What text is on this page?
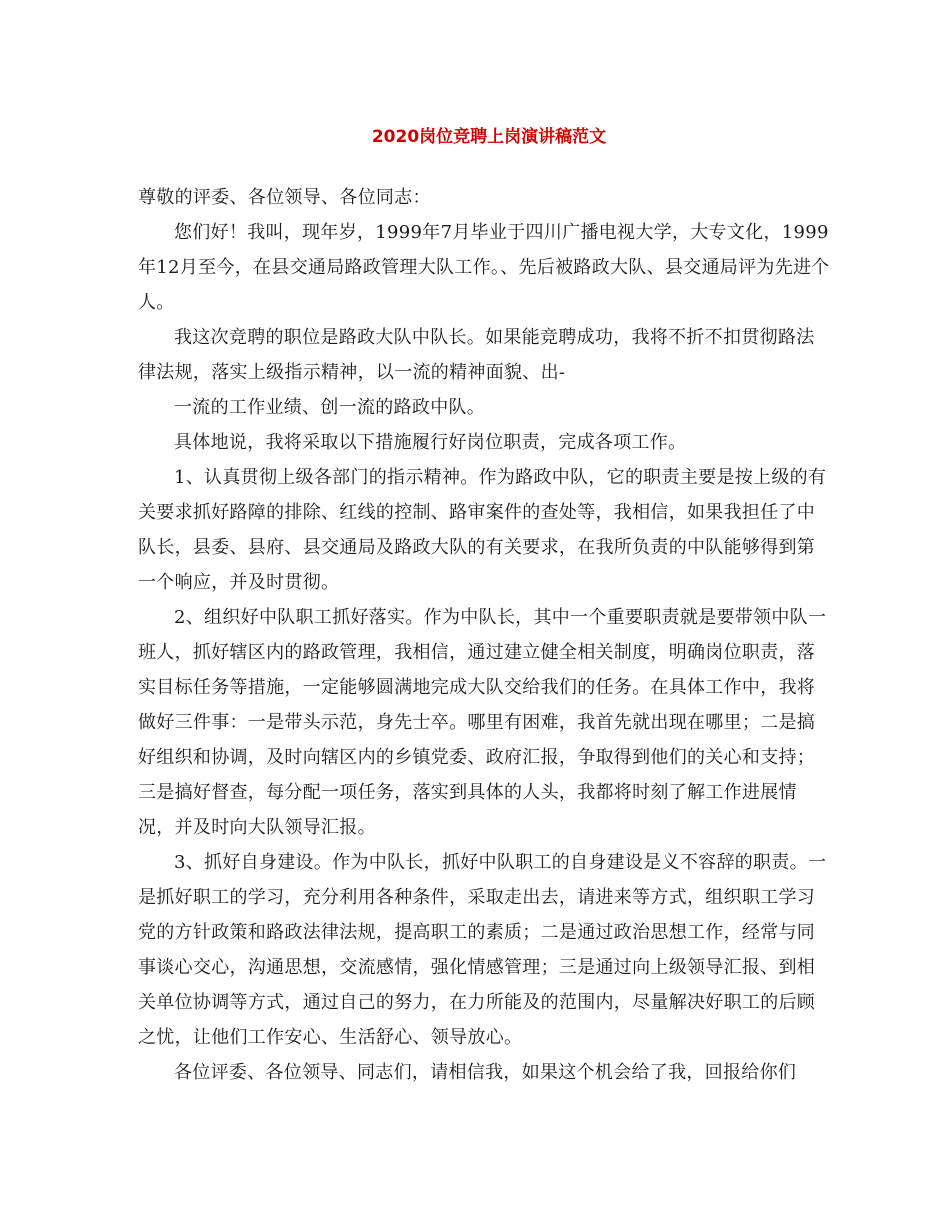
2020岗位竞聘上岗演讲稿范文

尊敬的评委、各位领导、各位同志：

您们好！我叫，现年岁，1999年7月毕业于四川广播电视大学，大专文化，1999年12月至今，在县交通局路政管理大队工作。、先后被路政大队、县交通局评为先进个人。

我这次竞聘的职位是路政大队中队长。如果能竞聘成功，我将不折不扣贯彻路法律法规，落实上级指示精神，以一流的精神面貌、出-

一流的工作业绩、创一流的路政中队。

具体地说，我将采取以下措施履行好岗位职责，完成各项工作。

1、认真贯彻上级各部门的指示精神。作为路政中队，它的职责主要是按上级的有关要求抓好路障的排除、红线的控制、路审案件的查处等，我相信，如果我担任了中队长，县委、县府、县交通局及路政大队的有关要求，在我所负责的中队能够得到第一个响应，并及时贯彻。

2、组织好中队职工抓好落实。作为中队长，其中一个重要职责就是要带领中队一班人，抓好辖区内的路政管理，我相信，通过建立健全相关制度，明确岗位职责，落实目标任务等措施，一定能够圆满地完成大队交给我们的任务。在具体工作中，我将做好三件事：一是带头示范，身先士卒。哪里有困难，我首先就出现在哪里；二是搞好组织和协调，及时向辖区内的乡镇党委、政府汇报，争取得到他们的关心和支持；三是搞好督查，每分配一项任务，落实到具体的人头，我都将时刻了解工作进展情况，并及时向大队领导汇报。

3、抓好自身建设。作为中队长，抓好中队职工的自身建设是义不容辞的职责。一是抓好职工的学习，充分利用各种条件，采取走出去，请进来等方式，组织职工学习党的方针政策和路政法律法规，提高职工的素质；二是通过政治思想工作，经常与同事谈心交心，沟通思想，交流感情，强化情感管理；三是通过向上级领导汇报、到相关单位协调等方式，通过自己的努力，在力所能及的范围内，尽量解决好职工的后顾之忧，让他们工作安心、生活舒心、领导放心。

各位评委、各位领导、同志们，请相信我，如果这个机会给了我，回报给你们
